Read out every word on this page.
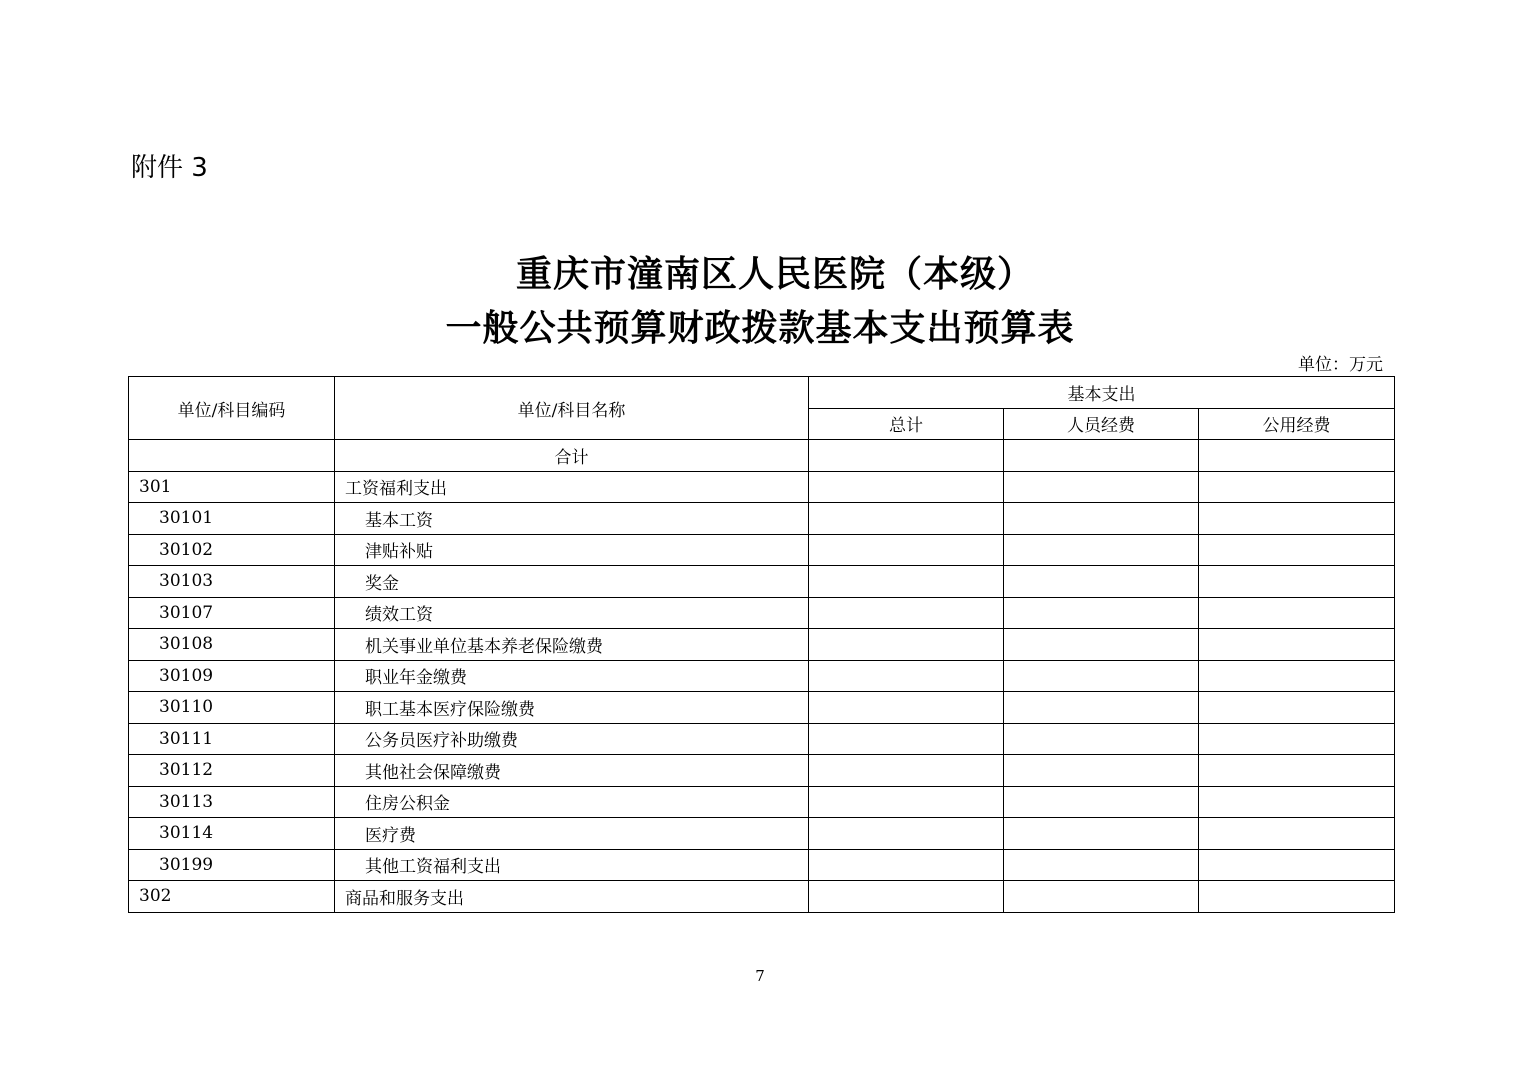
附件 3
重庆市潼南区人民医院（本级）
一般公共预算财政拨款基本支出预算表
单位：万元
单位/科目编码	单位/科目名称	基本支出		
		总计	人员经费	公用经费
	合计			
301	工资福利支出			
30101	基本工资			
30102	津贴补贴			
30103	奖金			
30107	绩效工资			
30108	机关事业单位基本养老保险缴费			
30109	职业年金缴费			
30110	职工基本医疗保险缴费			
30111	公务员医疗补助缴费			
30112	其他社会保障缴费			
30113	住房公积金			
30114	医疗费			
30199	其他工资福利支出			
302	商品和服务支出			
7
